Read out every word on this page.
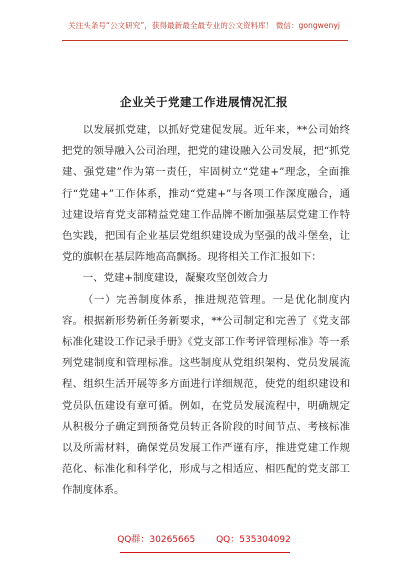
关注头条号“公文研究”，获得最新最全最专业的公文资料库！ 微信：gongwenyj
企业关于党建工作进展情况汇报

以发展抓党建，以抓好党建促发展。近年来，**公司始终把党的领导融入公司治理，把党的建设融入公司发展，把“抓党建、强党建”作为第一责任，牢固树立“党建+”理念，全面推行“党建+”工作体系，推动“党建+”与各项工作深度融合，通过建设培育党支部精益党建工作品牌不断加强基层党建工作特色实践，把国有企业基层党组织建设成为坚强的战斗堡垒，让党的旗帜在基层阵地高高飘扬。现将相关工作汇报如下：

一、党建+制度建设，凝聚攻坚创效合力

（一）完善制度体系，推进规范管理。一是优化制度内容。根据新形势新任务新要求，**公司制定和完善了《党支部标准化建设工作记录手册》《党支部工作考评管理标准》等一系列党建制度和管理标准。这些制度从党组织架构、党员发展流程、组织生活开展等多方面进行详细规范，使党的组织建设和党员队伍建设有章可循。例如，在党员发展流程中，明确规定从积极分子确定到预备党员转正各阶段的时间节点、考核标准以及所需材料，确保党员发展工作严谨有序，推进党建工作规范化、标准化和科学化，形成与之相适应、相匹配的党支部工作制度体系。

QQ群：30265665 QQ：535304092
